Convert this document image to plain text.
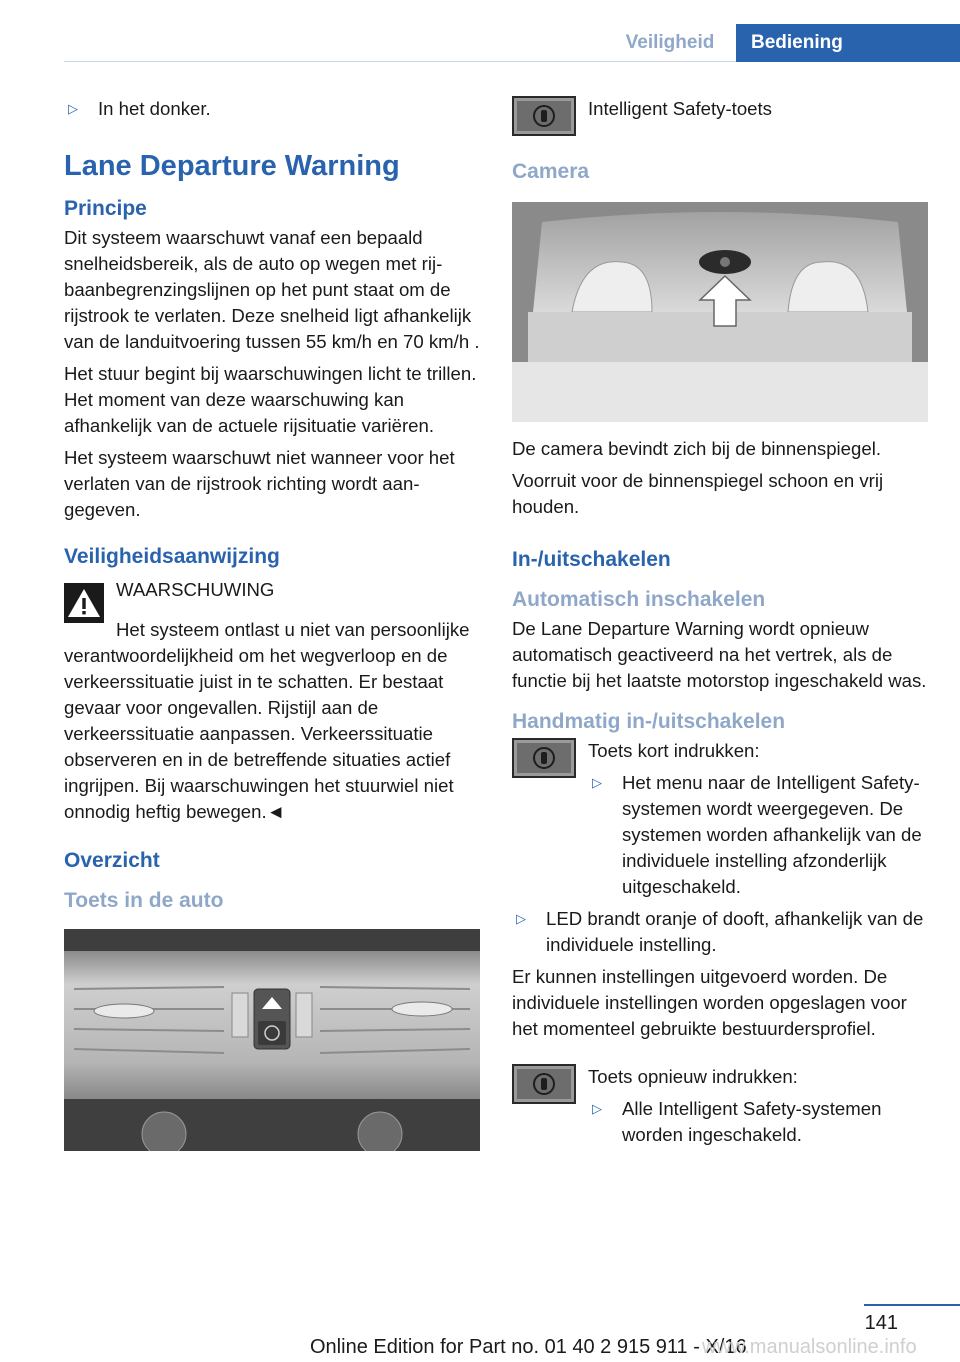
Veiligheid	Bediening
▷ In het donker.
Lane Departure Warning
Principe

Dit systeem waarschuwt vanaf een bepaald snelheidsbereik, als de auto op wegen met rijbaanbegrenzingslijnen op het punt staat om de rijstrook te verlaten. Deze snelheid ligt afhankelijk van de landuitvoering tussen 55 km/h en 70 km/h .

Het stuur begint bij waarschuwingen licht te trillen. Het moment van deze waarschuwing kan afhankelijk van de actuele rijsituatie variëren.

Het systeem waarschuwt niet wanneer voor het verlaten van de rijstrook richting wordt aangegeven.

Veiligheidsaanwijzing

WAARSCHUWING

Het systeem ontlast u niet van persoonlijke verantwoordelijkheid om het wegverloop en de verkeerssituatie juist in te schatten. Er bestaat gevaar voor ongevallen. Rijstijl aan de verkeerssituatie aanpassen. Verkeerssituatie observeren en in de betreffende situaties actief ingrijpen. Bij waarschuwingen het stuurwiel niet onnodig heftig bewegen.◄

Overzicht
Toets in de auto

Intelligent Safety-toets

Camera

De camera bevindt zich bij de binnenspiegel.

Voorruit voor de binnenspiegel schoon en vrij houden.

In-/uitschakelen
Automatisch inschakelen

De Lane Departure Warning wordt opnieuw automatisch geactiveerd na het vertrek, als de functie bij het laatste motorstop ingeschakeld was.

Handmatig in-/uitschakelen

Toets kort indrukken:

▷ Het menu naar de Intelligent Safety-systemen wordt weergegeven. De systemen worden afhankelijk van de individuele instelling afzonderlijk uitgeschakeld.
▷ LED brandt oranje of dooft, afhankelijk van de individuele instelling.

Er kunnen instellingen uitgevoerd worden. De individuele instellingen worden opgeslagen voor het momenteel gebruikte bestuurdersprofiel.

Toets opnieuw indrukken:

▷ Alle Intelligent Safety-systemen worden ingeschakeld.
141
Online Edition for Part no. 01 40 2 915 911 - X/16
www.manualsonline.info
